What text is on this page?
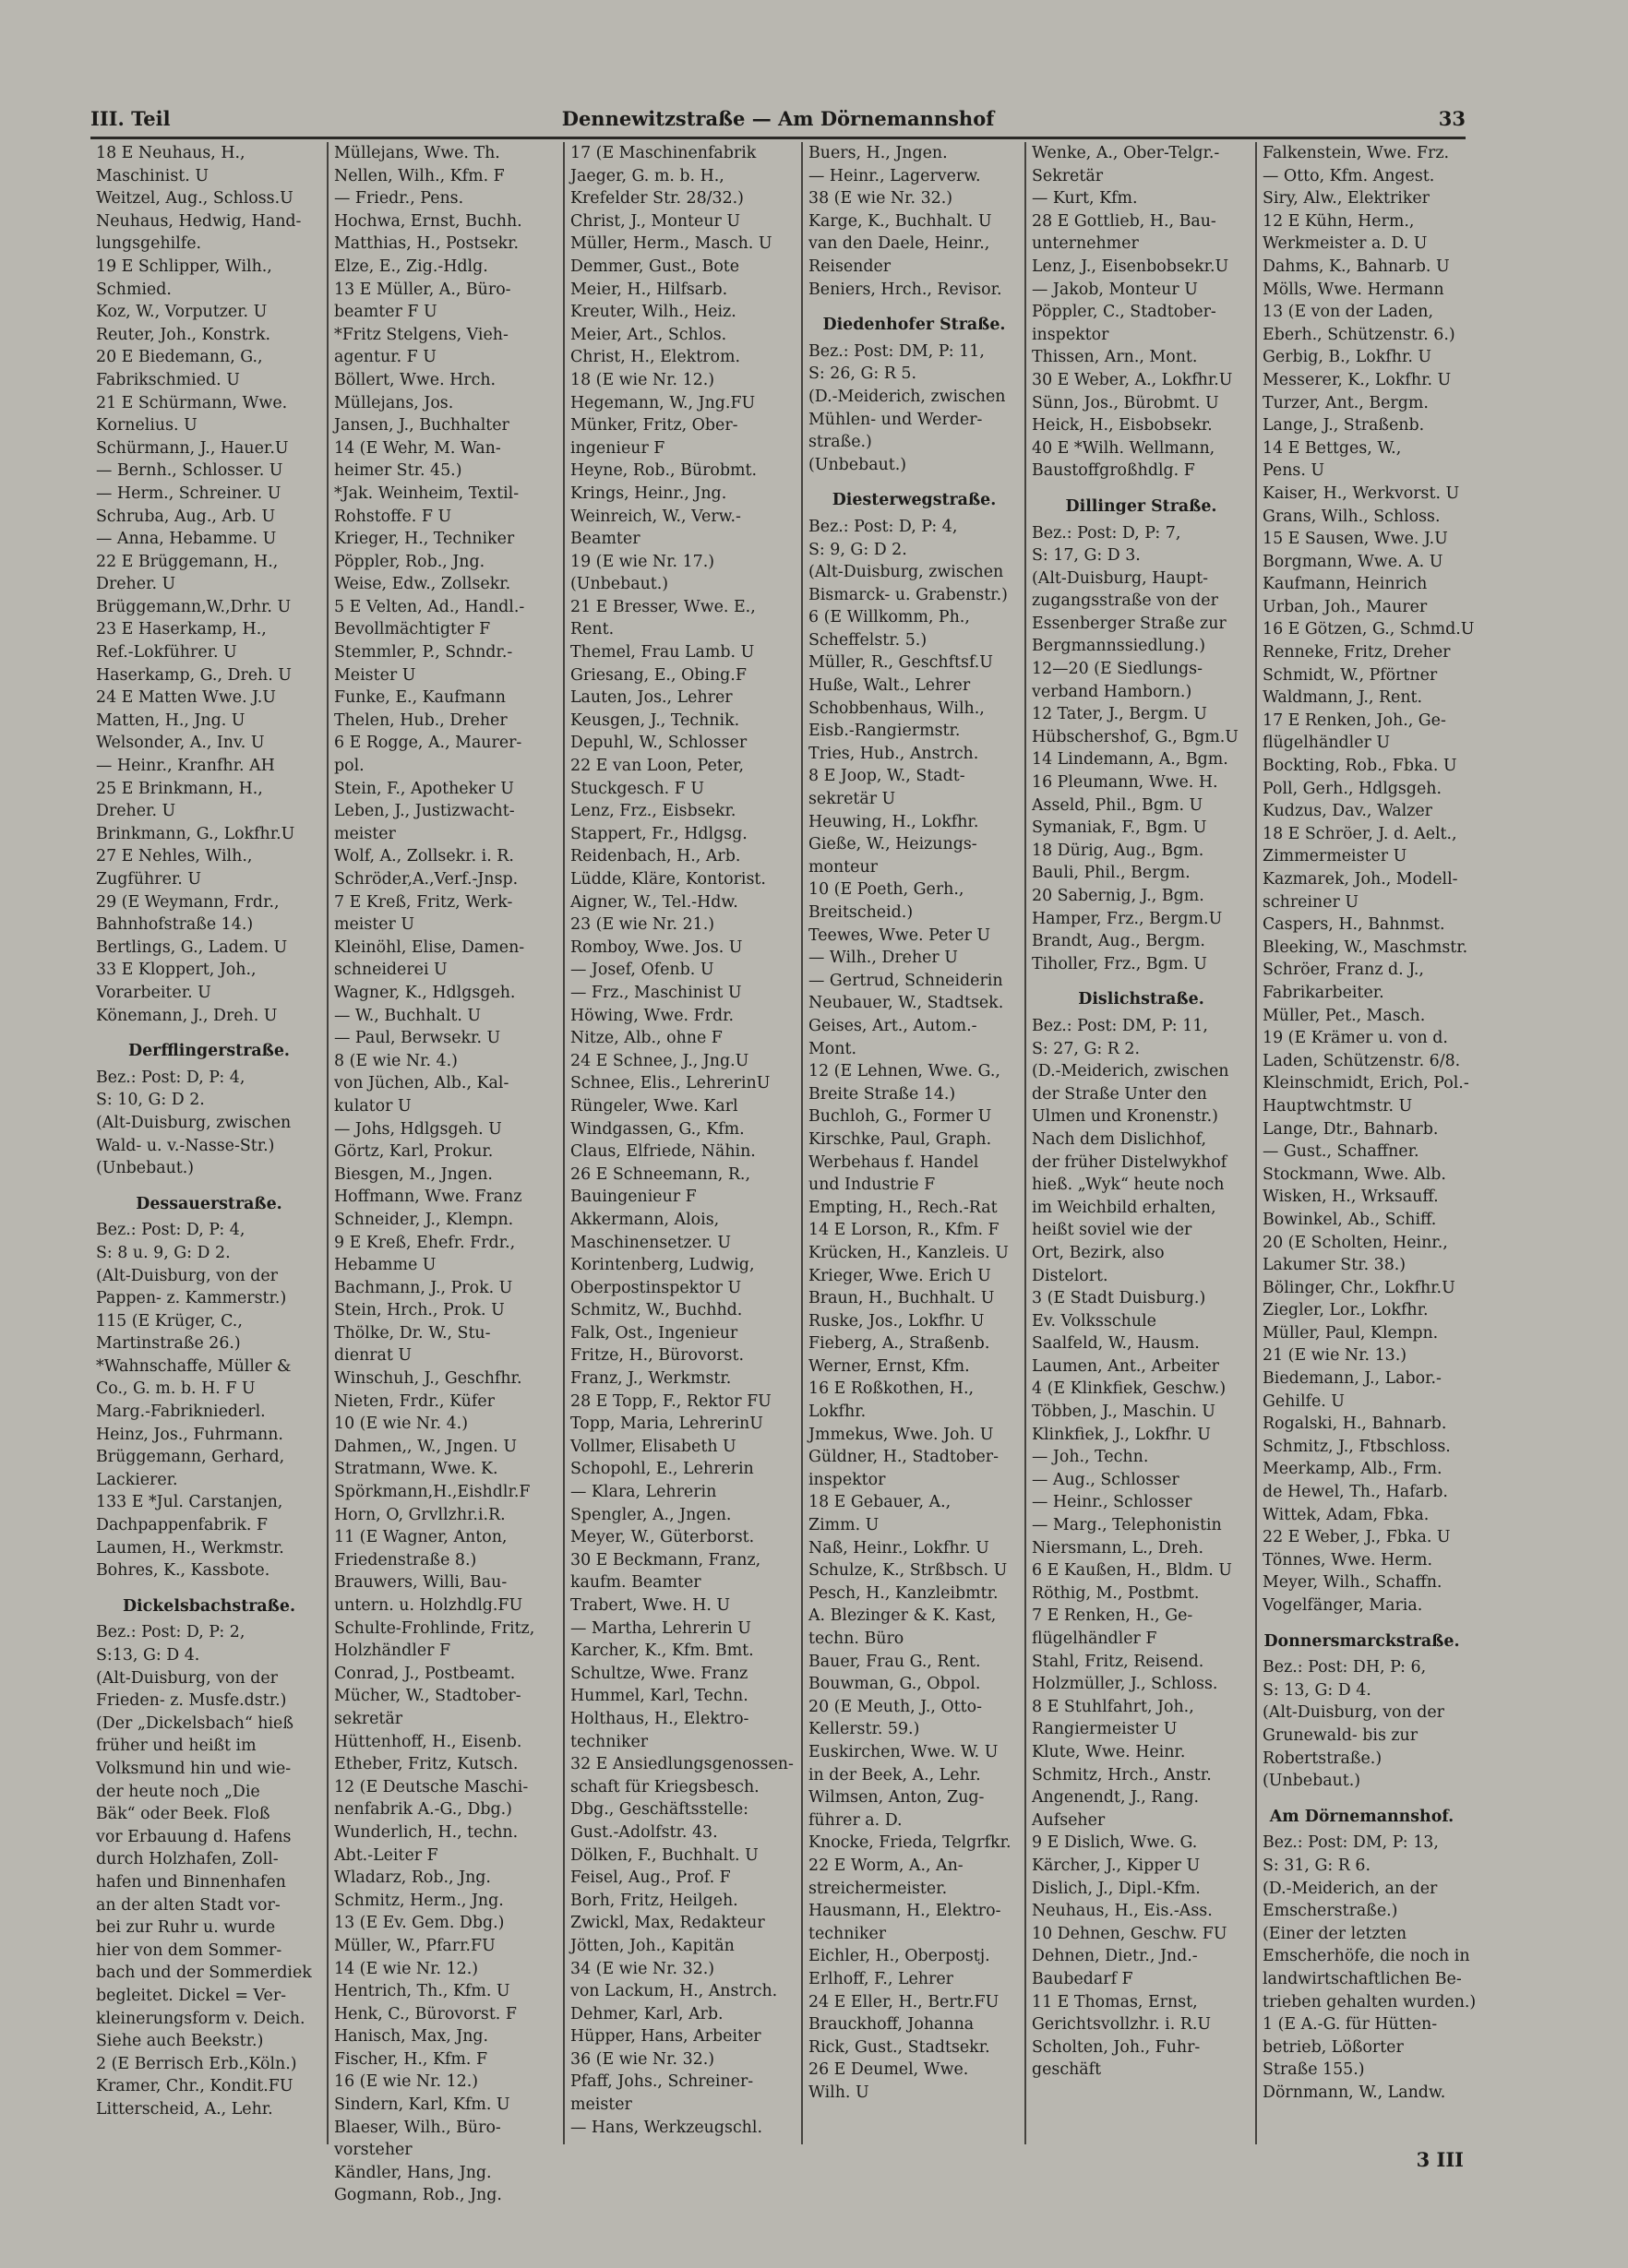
III. Teil	Dennewitzstraße — Am Dörnemannshof	33
18 E Neuhaus, H.,
Maschinist. U
Weitzel, Aug., Schloss.U
Neuhaus, Hedwig, Hand-
lungsgehilfe.
19 E Schlipper, Wilh.,
Schmied.
Koz, W., Vorputzer. U
Reuter, Joh., Konstrk.
20 E Biedemann, G.,
Fabrikschmied. U
21 E Schürmann, Wwe.
Kornelius. U
Schürmann, J., Hauer.U
— Bernh., Schlosser. U
— Herm., Schreiner. U
Schruba, Aug., Arb. U
— Anna, Hebamme. U
22 E Brüggemann, H.,
Dreher. U
Brüggemann,W.,Drhr. U
23 E Haserkamp, H.,
Ref.-Lokführer. U
Haserkamp, G., Dreh. U
24 E Matten Wwe. J.U
Matten, H., Jng. U
Welsonder, A., Inv. U
— Heinr., Kranfhr. AH
25 E Brinkmann, H.,
Dreher. U
Brinkmann, G., Lokfhr.U
27 E Nehles, Wilh.,
Zugführer. U
29 (E Weymann, Frdr.,
Bahnhofstraße 14.)
Bertlings, G., Ladem. U
33 E Kloppert, Joh.,
Vorarbeiter. U
Könemann, J., Dreh. U
Derfflingerstraße.
Bez.: Post: D, P: 4,
S: 10, G: D 2.
(Alt-Duisburg, zwischen
Wald- u. v.-Nasse-Str.)
(Unbebaut.)
Dessauerstraße.
Bez.: Post: D, P: 4,
S: 8 u. 9, G: D 2.
(Alt-Duisburg, von der
Pappen- z. Kammerstr.)
115 (E Krüger, C.,
Martinstraße 26.)
*Wahnschaffe, Müller &
Co., G. m. b. H. F U
Marg.-Fabrikniederl.
Heinz, Jos., Fuhrmann.
Brüggemann, Gerhard,
Lackierer.
133 E *Jul. Carstanjen,
Dachpappenfabrik. F
Laumen, H., Werkmstr.
Bohres, K., Kassbote.
Dickelsbachstraße.
Bez.: Post: D, P: 2,
S:13, G: D 4.
(Alt-Duisburg, von der
Frieden- z. Musfe.dstr.)
(Der „Dickelsbach“ hieß
früher und heißt im
Volksmund hin und wie-
der heute noch „Die
Bäk“ oder Beek. Floß
vor Erbauung d. Hafens
durch Holzhafen, Zoll-
hafen und Binnenhafen
an der alten Stadt vor-
bei zur Ruhr u. wurde
hier von dem Sommer-
bach und der Sommerdiek
begleitet. Dickel = Ver-
kleinerungsform v. Deich.
Siehe auch Beekstr.)
2 (E Berrisch Erb.,Köln.)
Kramer, Chr., Kondit.FU
Litterscheid, A., Lehr.
Müllejans, Wwe. Th.
Nellen, Wilh., Kfm. F
— Friedr., Pens.
Hochwa, Ernst, Buchh.
Matthias, H., Postsekr.
Elze, E., Zig.-Hdlg.
13 E Müller, A., Büro-
beamter F U
*Fritz Stelgens, Vieh-
agentur. F U
Böllert, Wwe. Hrch.
Müllejans, Jos.
Jansen, J., Buchhalter
14 (E Wehr, M. Wan-
heimer Str. 45.)
*Jak. Weinheim, Textil-
Rohstoffe. F U
Krieger, H., Techniker
Pöppler, Rob., Jng.
Weise, Edw., Zollsekr.
5 E Velten, Ad., Handl.-
Bevollmächtigter F
Stemmler, P., Schndr.-
Meister U
Funke, E., Kaufmann
Thelen, Hub., Dreher
6 E Rogge, A., Maurer-
pol.
Stein, F., Apotheker U
Leben, J., Justizwacht-
meister
Wolf, A., Zollsekr. i. R.
Schröder,A.,Verf.-Jnsp.
7 E Kreß, Fritz, Werk-
meister U
Kleinöhl, Elise, Damen-
schneiderei U
Wagner, K., Hdlgsgeh.
— W., Buchhalt. U
— Paul, Berwsekr. U
8 (E wie Nr. 4.)
von Jüchen, Alb., Kal-
kulator U
— Johs, Hdlgsgeh. U
Görtz, Karl, Prokur.
Biesgen, M., Jngen.
Hoffmann, Wwe. Franz
Schneider, J., Klempn.
9 E Kreß, Ehefr. Frdr.,
Hebamme U
Bachmann, J., Prok. U
Stein, Hrch., Prok. U
Thölke, Dr. W., Stu-
dienrat U
Winschuh, J., Geschfhr.
Nieten, Frdr., Küfer
10 (E wie Nr. 4.)
Dahmen,, W., Jngen. U
Stratmann, Wwe. K.
Spörkmann,H.,Eishdlr.F
Horn, O, Grvllzhr.i.R.
11 (E Wagner, Anton,
Friedenstraße 8.)
Brauwers, Willi, Bau-
untern. u. Holzhdlg.FU
Schulte-Frohlinde, Fritz,
Holzhändler F
Conrad, J., Postbeamt.
Mücher, W., Stadtober-
sekretär
Hüttenhoff, H., Eisenb.
Etheber, Fritz, Kutsch.
12 (E Deutsche Maschi-
nenfabrik A.-G., Dbg.)
Wunderlich, H., techn.
Abt.-Leiter F
Wladarz, Rob., Jng.
Schmitz, Herm., Jng.
13 (E Ev. Gem. Dbg.)
Müller, W., Pfarr.FU
14 (E wie Nr. 12.)
Hentrich, Th., Kfm. U
Henk, C., Bürovorst. F
Hanisch, Max, Jng.
Fischer, H., Kfm. F
16 (E wie Nr. 12.)
Sindern, Karl, Kfm. U
Blaeser, Wilh., Büro-
vorsteher
Kändler, Hans, Jng.
Gogmann, Rob., Jng.
17 (E Maschinenfabrik
Jaeger, G. m. b. H.,
Krefelder Str. 28/32.)
Christ, J., Monteur U
Müller, Herm., Masch. U
Demmer, Gust., Bote
Meier, H., Hilfsarb.
Kreuter, Wilh., Heiz.
Meier, Art., Schlos.
Christ, H., Elektrom.
18 (E wie Nr. 12.)
Hegemann, W., Jng.FU
Münker, Fritz, Ober-
ingenieur F
Heyne, Rob., Bürobmt.
Krings, Heinr., Jng.
Weinreich, W., Verw.-
Beamter
19 (E wie Nr. 17.)
(Unbebaut.)
21 E Bresser, Wwe. E.,
Rent.
Themel, Frau Lamb. U
Griesang, E., Obing.F
Lauten, Jos., Lehrer
Keusgen, J., Technik.
Depuhl, W., Schlosser
22 E van Loon, Peter,
Stuckgesch. F U
Lenz, Frz., Eisbsekr.
Stappert, Fr., Hdlgsg.
Reidenbach, H., Arb.
Lüdde, Kläre, Kontorist.
Aigner, W., Tel.-Hdw.
23 (E wie Nr. 21.)
Romboy, Wwe. Jos. U
— Josef, Ofenb. U
— Frz., Maschinist U
Höwing, Wwe. Frdr.
Nitze, Alb., ohne F
24 E Schnee, J., Jng.U
Schnee, Elis., LehrerinU
Rüngeler, Wwe. Karl
Windgassen, G., Kfm.
Claus, Elfriede, Nähin.
26 E Schneemann, R.,
Bauingenieur F
Akkermann, Alois,
Maschinensetzer. U
Korintenberg, Ludwig,
Oberpostinspektor U
Schmitz, W., Buchhd.
Falk, Ost., Ingenieur
Fritze, H., Bürovorst.
Franz, J., Werkmstr.
28 E Topp, F., Rektor FU
Topp, Maria, LehrerinU
Vollmer, Elisabeth U
Schopohl, E., Lehrerin
— Klara, Lehrerin
Spengler, A., Jngen.
Meyer, W., Güterborst.
30 E Beckmann, Franz,
kaufm. Beamter
Trabert, Wwe. H. U
— Martha, Lehrerin U
Karcher, K., Kfm. Bmt.
Schultze, Wwe. Franz
Hummel, Karl, Techn.
Holthaus, H., Elektro-
techniker
32 E Ansiedlungsgenossen-
schaft für Kriegsbesch.
Dbg., Geschäftsstelle:
Gust.-Adolfstr. 43.
Dölken, F., Buchhalt. U
Feisel, Aug., Prof. F
Borh, Fritz, Heilgeh.
Zwickl, Max, Redakteur
Jötten, Joh., Kapitän
34 (E wie Nr. 32.)
von Lackum, H., Anstrch.
Dehmer, Karl, Arb.
Hüpper, Hans, Arbeiter
36 (E wie Nr. 32.)
Pfaff, Johs., Schreiner-
meister
— Hans, Werkzeugschl.
Buers, H., Jngen.
— Heinr., Lagerverw.
38 (E wie Nr. 32.)
Karge, K., Buchhalt. U
van den Daele, Heinr.,
Reisender
Beniers, Hrch., Revisor.
Diedenhofer Straße.
Bez.: Post: DM, P: 11,
S: 26, G: R 5.
(D.-Meiderich, zwischen
Mühlen- und Werder-
straße.)
(Unbebaut.)
Diesterwegstraße.
Bez.: Post: D, P: 4,
S: 9, G: D 2.
(Alt-Duisburg, zwischen
Bismarck- u. Grabenstr.)
6 (E Willkomm, Ph.,
Scheffelstr. 5.)
Müller, R., Geschftsf.U
Huße, Walt., Lehrer
Schobbenhaus, Wilh.,
Eisb.-Rangiermstr.
Tries, Hub., Anstrch.
8 E Joop, W., Stadt-
sekretär U
Heuwing, H., Lokfhr.
Gieße, W., Heizungs-
monteur
10 (E Poeth, Gerh.,
Breitscheid.)
Teewes, Wwe. Peter U
— Wilh., Dreher U
— Gertrud, Schneiderin
Neubauer, W., Stadtsek.
Geises, Art., Autom.-
Mont.
12 (E Lehnen, Wwe. G.,
Breite Straße 14.)
Buchloh, G., Former U
Kirschke, Paul, Graph.
Werbehaus f. Handel
und Industrie F
Empting, H., Rech.-Rat
14 E Lorson, R., Kfm. F
Krücken, H., Kanzleis. U
Krieger, Wwe. Erich U
Braun, H., Buchhalt. U
Ruske, Jos., Lokfhr. U
Fieberg, A., Straßenb.
Werner, Ernst, Kfm.
16 E Roßkothen, H.,
Lokfhr.
Jmmekus, Wwe. Joh. U
Güldner, H., Stadtober-
inspektor
18 E Gebauer, A.,
Zimm. U
Naß, Heinr., Lokfhr. U
Schulze, K., Strßbsch. U
Pesch, H., Kanzleibmtr.
A. Blezinger & K. Kast,
techn. Büro
Bauer, Frau G., Rent.
Bouwman, G., Obpol.
20 (E Meuth, J., Otto-
Kellerstr. 59.)
Euskirchen, Wwe. W. U
in der Beek, A., Lehr.
Wilmsen, Anton, Zug-
führer a. D.
Knocke, Frieda, Telgrfkr.
22 E Worm, A., An-
streichermeister.
Hausmann, H., Elektro-
techniker
Eichler, H., Oberpostj.
Erlhoff, F., Lehrer
24 E Eller, H., Bertr.FU
Brauckhoff, Johanna
Rick, Gust., Stadtsekr.
26 E Deumel, Wwe.
Wilh. U
Wenke, A., Ober-Telgr.-
Sekretär
— Kurt, Kfm.
28 E Gottlieb, H., Bau-
unternehmer
Lenz, J., Eisenbobsekr.U
— Jakob, Monteur U
Pöppler, C., Stadtober-
inspektor
Thissen, Arn., Mont.
30 E Weber, A., Lokfhr.U
Sünn, Jos., Bürobmt. U
Heick, H., Eisbobsekr.
40 E *Wilh. Wellmann,
Baustoffgroßhdlg. F
Dillinger Straße.
Bez.: Post: D, P: 7,
S: 17, G: D 3.
(Alt-Duisburg, Haupt-
zugangsstraße von der
Essenberger Straße zur
Bergmannssiedlung.)
12—20 (E Siedlungs-
verband Hamborn.)
12 Tater, J., Bergm. U
Hübschershof, G., Bgm.U
14 Lindemann, A., Bgm.
16 Pleumann, Wwe. H.
Asseld, Phil., Bgm. U
Symaniak, F., Bgm. U
18 Dürig, Aug., Bgm.
Bauli, Phil., Bergm.
20 Sabernig, J., Bgm.
Hamper, Frz., Bergm.U
Brandt, Aug., Bergm.
Tiholler, Frz., Bgm. U
Dislichstraße.
Bez.: Post: DM, P: 11,
S: 27, G: R 2.
(D.-Meiderich, zwischen
der Straße Unter den
Ulmen und Kronenstr.)
Nach dem Dislichhof,
der früher Distelwykhof
hieß. „Wyk“ heute noch
im Weichbild erhalten,
heißt soviel wie der
Ort, Bezirk, also
Distelort.
3 (E Stadt Duisburg.)
Ev. Volksschule
Saalfeld, W., Hausm.
Laumen, Ant., Arbeiter
4 (E Klinkfiek, Geschw.)
Többen, J., Maschin. U
Klinkfiek, J., Lokfhr. U
— Joh., Techn.
— Aug., Schlosser
— Heinr., Schlosser
— Marg., Telephonistin
Niersmann, L., Dreh.
6 E Kaußen, H., Bldm. U
Röthig, M., Postbmt.
7 E Renken, H., Ge-
flügelhändler F
Stahl, Fritz, Reisend.
Holzmüller, J., Schloss.
8 E Stuhlfahrt, Joh.,
Rangiermeister U
Klute, Wwe. Heinr.
Schmitz, Hrch., Anstr.
Angenendt, J., Rang.
Aufseher
9 E Dislich, Wwe. G.
Kärcher, J., Kipper U
Dislich, J., Dipl.-Kfm.
Neuhaus, H., Eis.-Ass.
10 Dehnen, Geschw. FU
Dehnen, Dietr., Jnd.-
Baubedarf F
11 E Thomas, Ernst,
Gerichtsvollzhr. i. R.U
Scholten, Joh., Fuhr-
geschäft
Falkenstein, Wwe. Frz.
— Otto, Kfm. Angest.
Siry, Alw., Elektriker
12 E Kühn, Herm.,
Werkmeister a. D. U
Dahms, K., Bahnarb. U
Mölls, Wwe. Hermann
13 (E von der Laden,
Eberh., Schützenstr. 6.)
Gerbig, B., Lokfhr. U
Messerer, K., Lokfhr. U
Turzer, Ant., Bergm.
Lange, J., Straßenb.
14 E Bettges, W.,
Pens. U
Kaiser, H., Werkvorst. U
Grans, Wilh., Schloss.
15 E Sausen, Wwe. J.U
Borgmann, Wwe. A. U
Kaufmann, Heinrich
Urban, Joh., Maurer
16 E Götzen, G., Schmd.U
Renneke, Fritz, Dreher
Schmidt, W., Pförtner
Waldmann, J., Rent.
17 E Renken, Joh., Ge-
flügelhändler U
Bockting, Rob., Fbka. U
Poll, Gerh., Hdlgsgeh.
Kudzus, Dav., Walzer
18 E Schröer, J. d. Aelt.,
Zimmermeister U
Kazmarek, Joh., Modell-
schreiner U
Caspers, H., Bahnmst.
Bleeking, W., Maschmstr.
Schröer, Franz d. J.,
Fabrikarbeiter.
Müller, Pet., Masch.
19 (E Krämer u. von d.
Laden, Schützenstr. 6/8.
Kleinschmidt, Erich, Pol.-
Hauptwchtmstr. U
Lange, Dtr., Bahnarb.
— Gust., Schaffner.
Stockmann, Wwe. Alb.
Wisken, H., Wrksauff.
Bowinkel, Ab., Schiff.
20 (E Scholten, Heinr.,
Lakumer Str. 38.)
Bölinger, Chr., Lokfhr.U
Ziegler, Lor., Lokfhr.
Müller, Paul, Klempn.
21 (E wie Nr. 13.)
Biedemann, J., Labor.-
Gehilfe. U
Rogalski, H., Bahnarb.
Schmitz, J., Ftbschloss.
Meerkamp, Alb., Frm.
de Hewel, Th., Hafarb.
Wittek, Adam, Fbka.
22 E Weber, J., Fbka. U
Tönnes, Wwe. Herm.
Meyer, Wilh., Schaffn.
Vogelfänger, Maria.
Donnersmarckstraße.
Bez.: Post: DH, P: 6,
S: 13, G: D 4.
(Alt-Duisburg, von der
Grunewald- bis zur
Robertstraße.)
(Unbebaut.)
Am Dörnemannshof.
Bez.: Post: DM, P: 13,
S: 31, G: R 6.
(D.-Meiderich, an der
Emscherstraße.)
(Einer der letzten
Emscherhöfe, die noch in
landwirtschaftlichen Be-
trieben gehalten wurden.)
1 (E A.-G. für Hütten-
betrieb, Lößorter
Straße 155.)
Dörnmann, W., Landw.
3 III
